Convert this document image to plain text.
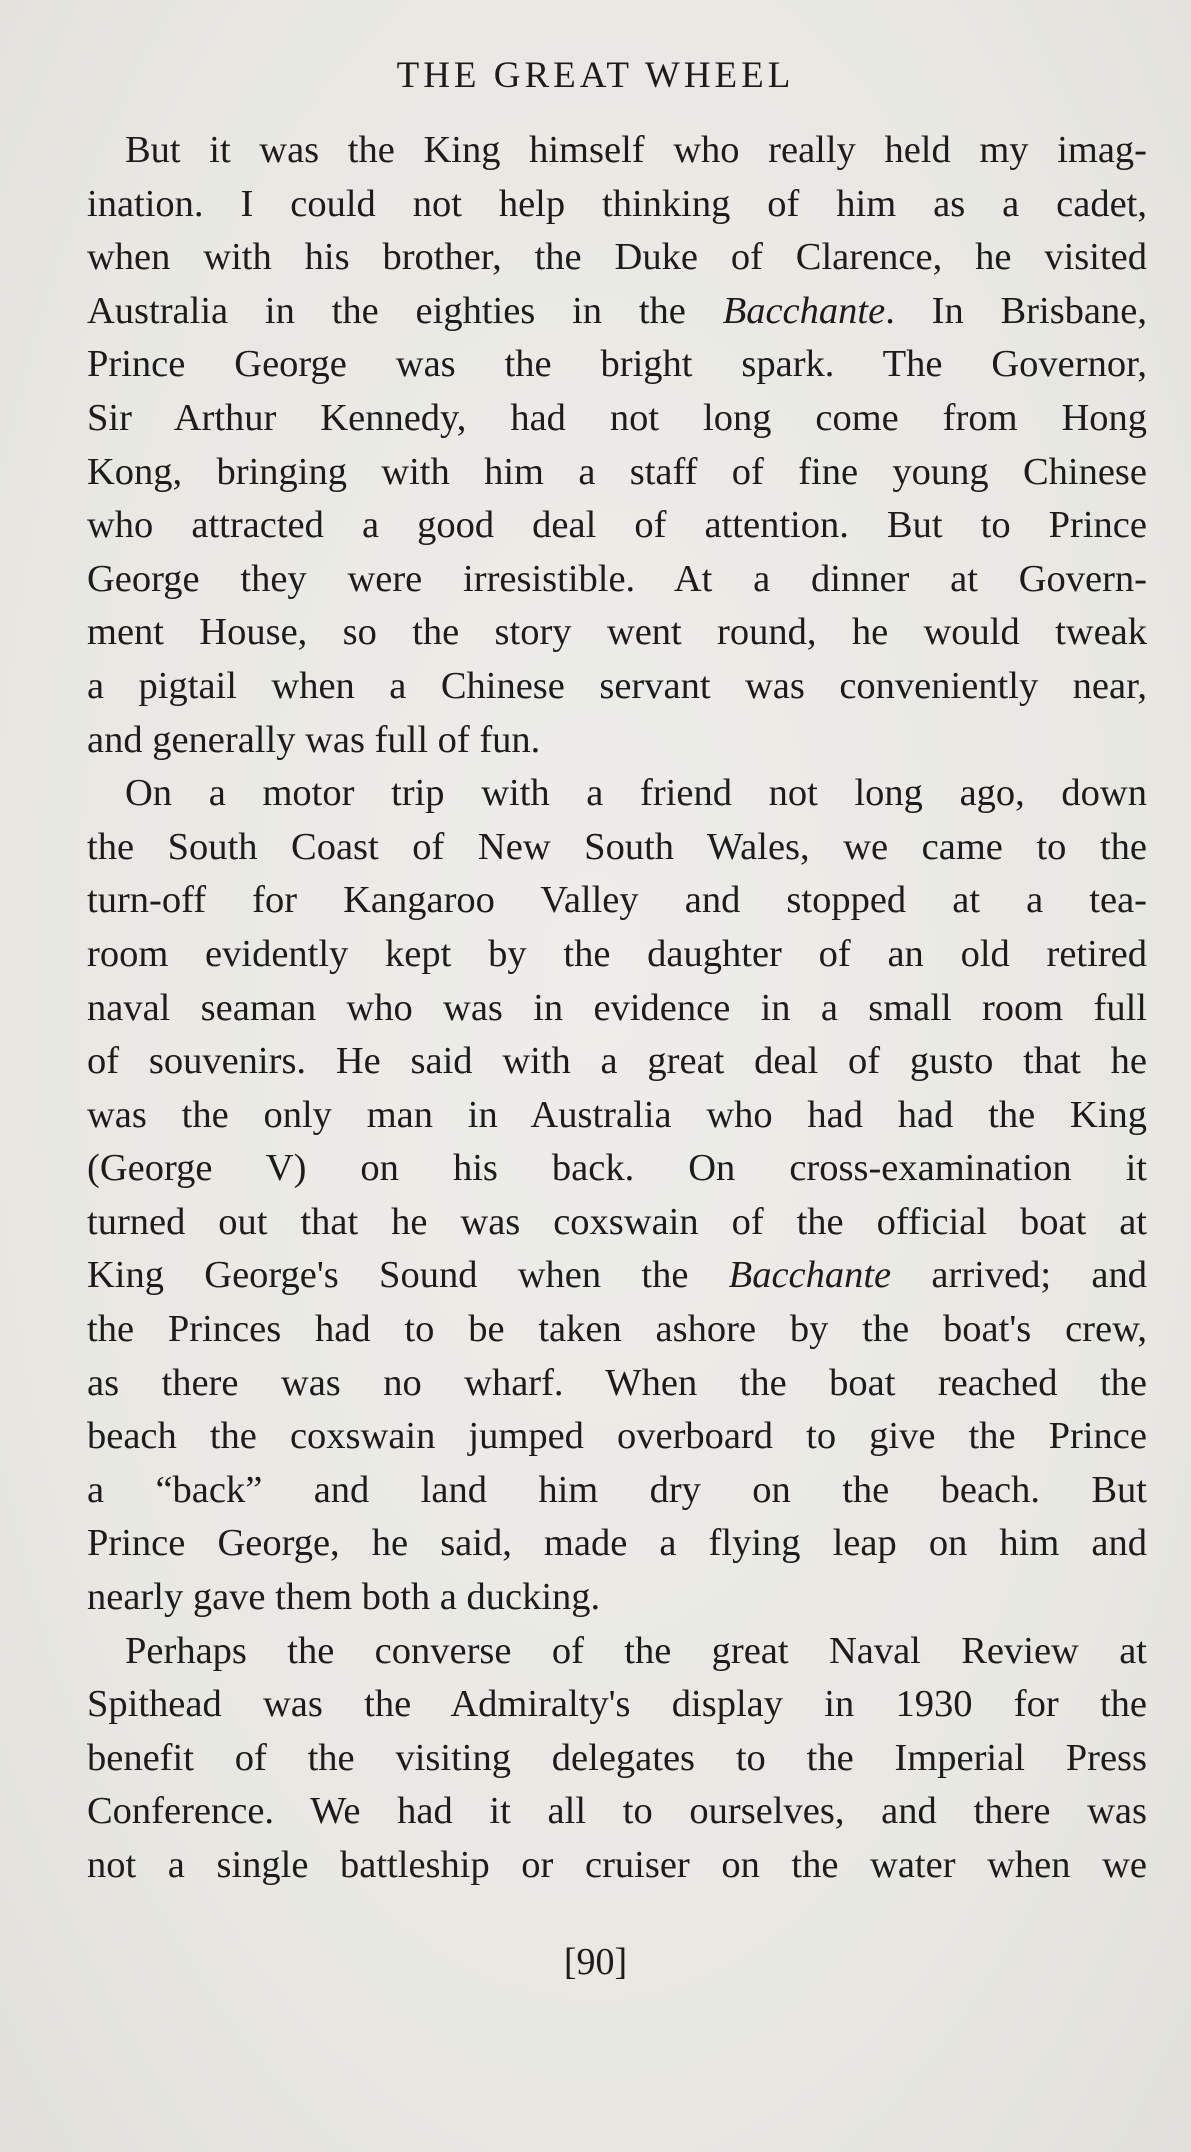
THE GREAT WHEEL
But it was the King himself who really held my imag-
ination. I could not help thinking of him as a cadet,
when with his brother, the Duke of Clarence, he visited
Australia in the eighties in the Bacchante. In Brisbane,
Prince George was the bright spark. The Governor,
Sir Arthur Kennedy, had not long come from Hong
Kong, bringing with him a staff of fine young Chinese
who attracted a good deal of attention. But to Prince
George they were irresistible. At a dinner at Govern-
ment House, so the story went round, he would tweak
a pigtail when a Chinese servant was conveniently near,
and generally was full of fun.
On a motor trip with a friend not long ago, down
the South Coast of New South Wales, we came to the
turn-off for Kangaroo Valley and stopped at a tea-
room evidently kept by the daughter of an old retired
naval seaman who was in evidence in a small room full
of souvenirs. He said with a great deal of gusto that he
was the only man in Australia who had had the King
(George V) on his back. On cross-examination it
turned out that he was coxswain of the official boat at
King George's Sound when the Bacchante arrived; and
the Princes had to be taken ashore by the boat's crew,
as there was no wharf. When the boat reached the
beach the coxswain jumped overboard to give the Prince
a “back” and land him dry on the beach. But
Prince George, he said, made a flying leap on him and
nearly gave them both a ducking.
Perhaps the converse of the great Naval Review at
Spithead was the Admiralty's display in 1930 for the
benefit of the visiting delegates to the Imperial Press
Conference. We had it all to ourselves, and there was
not a single battleship or cruiser on the water when we
[90]
